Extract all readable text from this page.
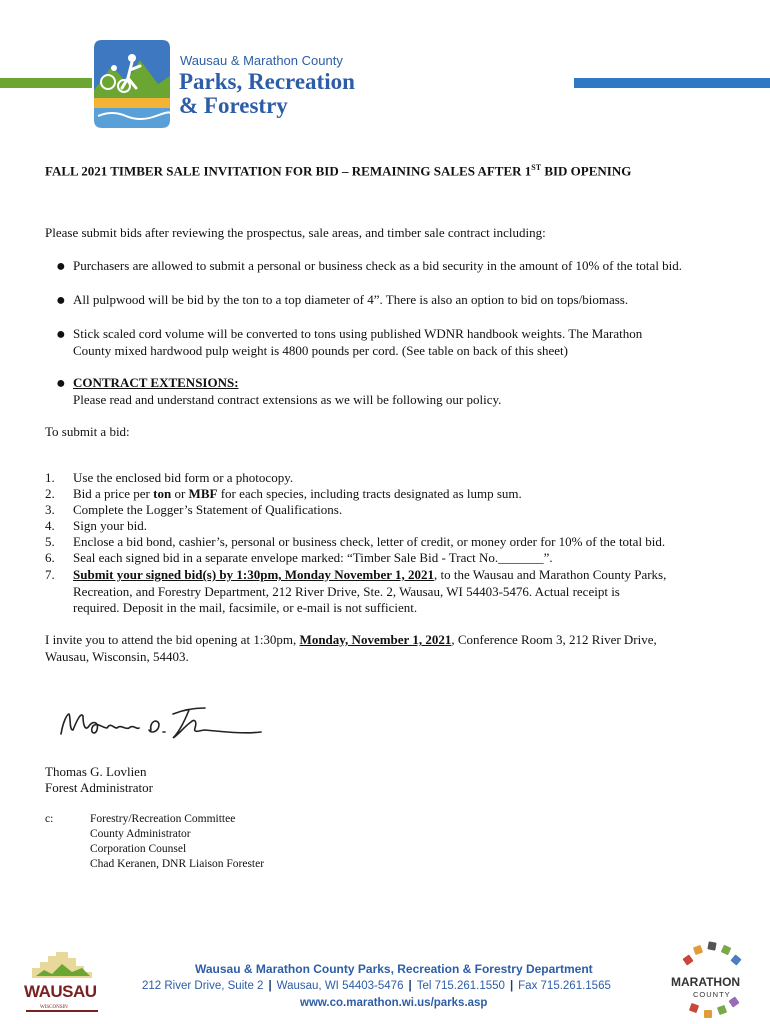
Wausau & Marathon County
Parks, Recreation
& Forestry
FALL 2021 TIMBER SALE INVITATION FOR BID – REMAINING SALES AFTER 1ST BID OPENING
Please submit bids after reviewing the prospectus, sale areas, and timber sale contract including:
● Purchasers are allowed to submit a personal or business check as a bid security in the amount of 10% of the total bid.
● All pulpwood will be bid by the ton to a top diameter of 4”. There is also an option to bid on tops/biomass.
● Stick scaled cord volume will be converted to tons using published WDNR handbook weights. The Marathon
County mixed hardwood pulp weight is 4800 pounds per cord. (See table on back of this sheet)
● CONTRACT EXTENSIONS:
Please read and understand contract extensions as we will be following our policy.
To submit a bid:
1. Use the enclosed bid form or a photocopy.
2. Bid a price per ton or MBF for each species, including tracts designated as lump sum.
3. Complete the Logger’s Statement of Qualifications.
4. Sign your bid.
5. Enclose a bid bond, cashier’s, personal or business check, letter of credit, or money order for 10% of the total bid.
6. Seal each signed bid in a separate envelope marked: “Timber Sale Bid - Tract No._______”.
7. Submit your signed bid(s) by 1:30pm, Monday November 1, 2021, to the Wausau and Marathon County Parks,
Recreation, and Forestry Department, 212 River Drive, Ste. 2, Wausau, WI 54403-5476. Actual receipt is
required. Deposit in the mail, facsimile, or e-mail is not sufficient.
I invite you to attend the bid opening at 1:30pm, Monday, November 1, 2021, Conference Room 3, 212 River Drive,
Wausau, Wisconsin, 54403.
Thomas G. Lovlien
Forest Administrator
c:	Forestry/Recreation Committee
County Administrator
Corporation Counsel
Chad Keranen, DNR Liaison Forester
WAUSAU
WISCONSIN
Wausau & Marathon County Parks, Recreation & Forestry Department
212 River Drive, Suite 2 | Wausau, WI 54403-5476 | Tel 715.261.1550 | Fax 715.261.1565
www.co.marathon.wi.us/parks.asp
MARATHON
COUNTY
